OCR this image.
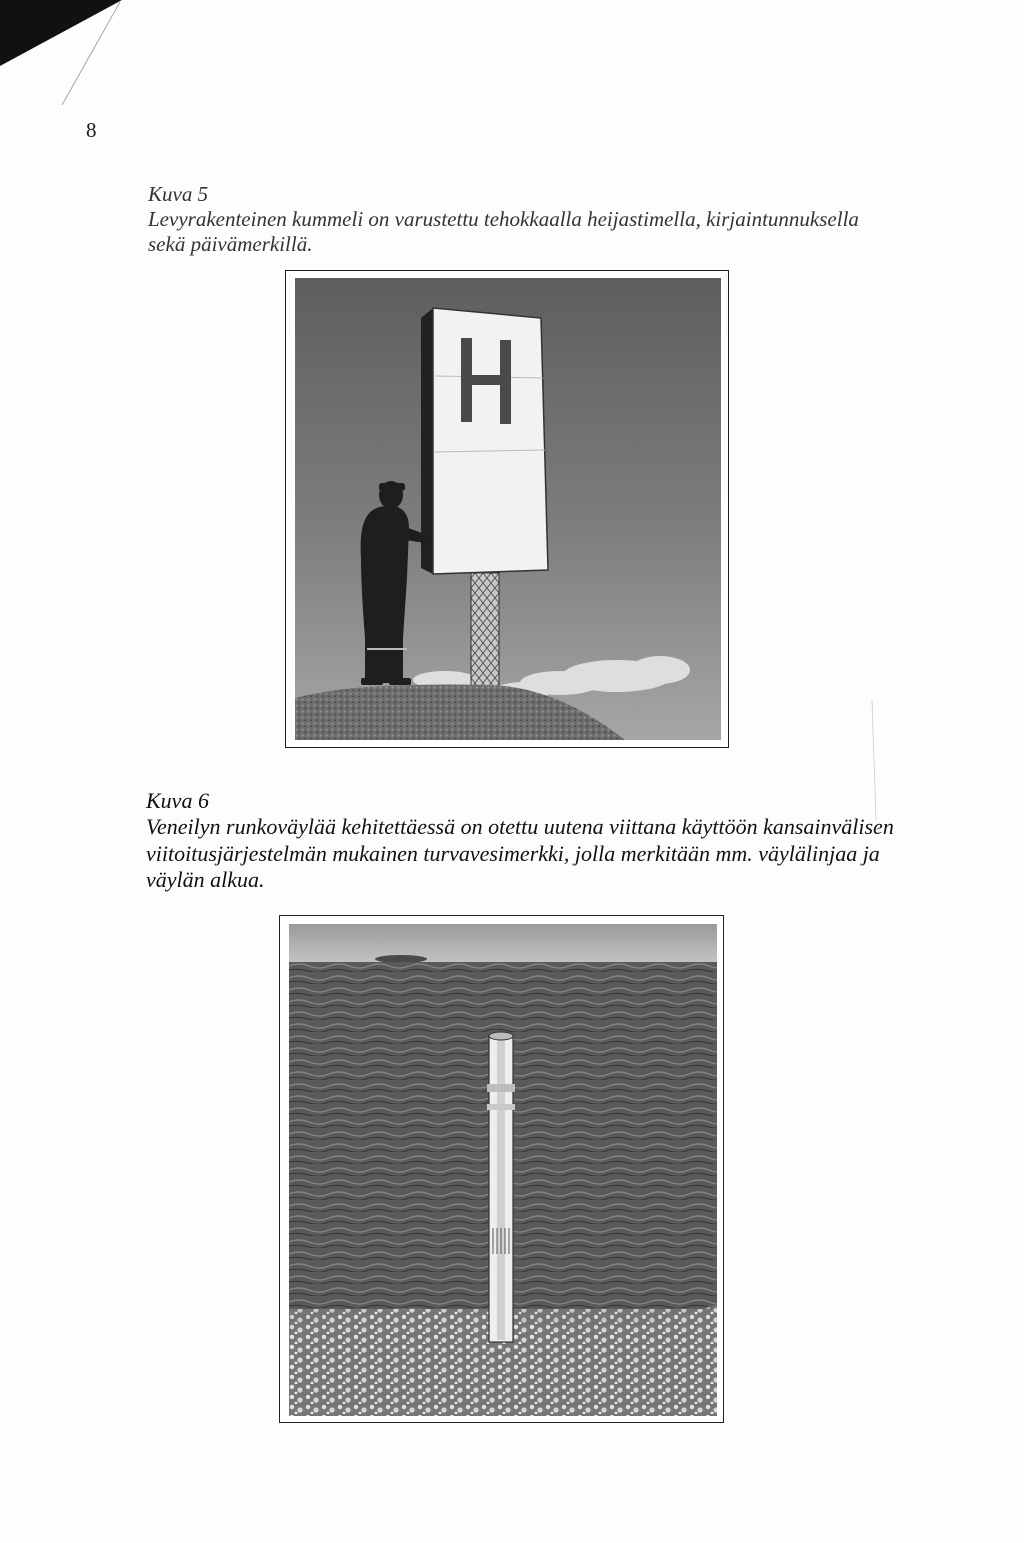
8
Kuva 5
Levyrakenteinen kummeli on varustettu tehokkaalla heijastimella, kirjaintunnuksella sekä päivämerkillä.
Kuva 6
Veneilyn runkoväylää kehitettäessä on otettu uutena viittana käyttöön kansainvälisen viitoitusjärjestelmän mukainen turvavesimerkki, jolla merkitään mm. väylälinjaa ja väylän alkua.
